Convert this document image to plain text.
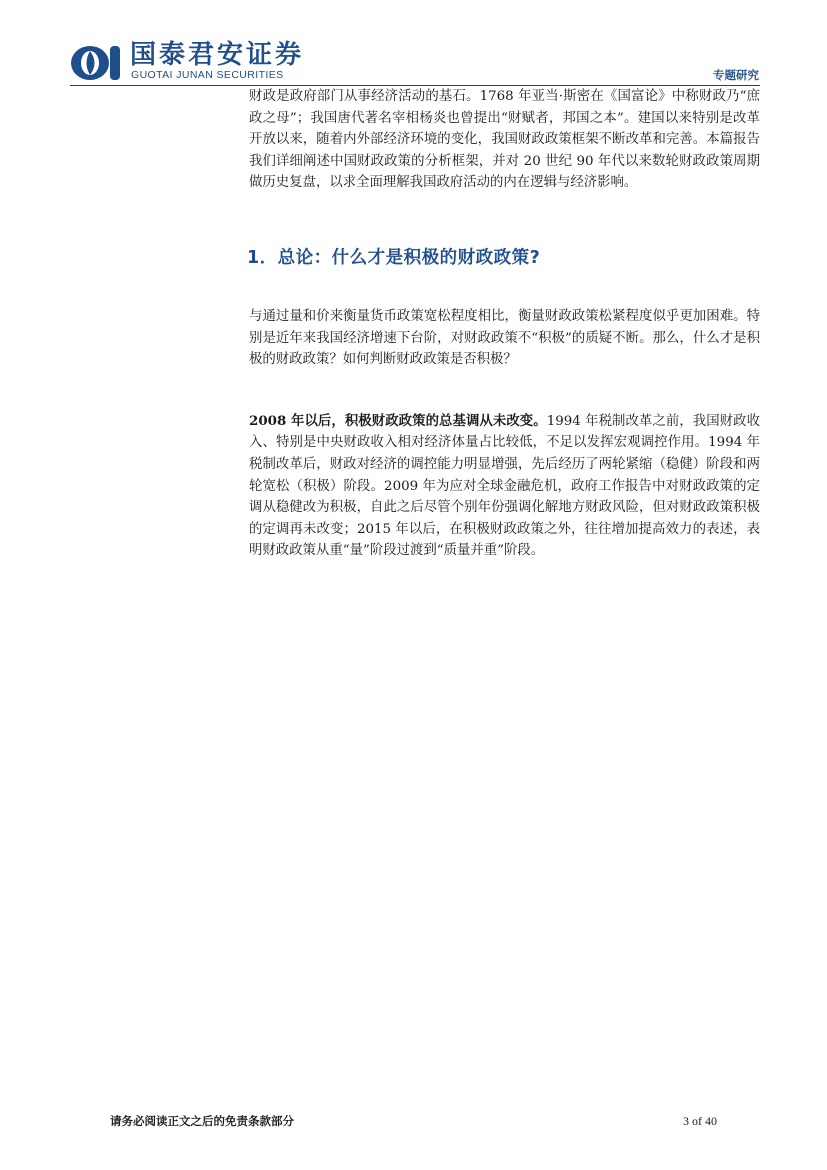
国泰君安证券
GUOTAI JUNAN SECURITIES	专题研究

财政是政府部门从事经济活动的基石。1768 年亚当·斯密在《国富论》中称财政乃“庶政之母”；我国唐代著名宰相杨炎也曾提出“财赋者，邦国之本”。建国以来特别是改革开放以来，随着内外部经济环境的变化，我国财政政策框架不断改革和完善。本篇报告我们详细阐述中国财政政策的分析框架，并对 20 世纪 90 年代以来数轮财政政策周期做历史复盘，以求全面理解我国政府活动的内在逻辑与经济影响。

1．总论：什么才是积极的财政政策?

与通过量和价来衡量货币政策宽松程度相比，衡量财政政策松紧程度似乎更加困难。特别是近年来我国经济增速下台阶，对财政政策不“积极”的质疑不断。那么，什么才是积极的财政政策？如何判断财政政策是否积极？

2008 年以后，积极财政政策的总基调从未改变。1994 年税制改革之前，我国财政收入、特别是中央财政收入相对经济体量占比较低，不足以发挥宏观调控作用。1994 年税制改革后，财政对经济的调控能力明显增强，先后经历了两轮紧缩（稳健）阶段和两轮宽松（积极）阶段。2009 年为应对全球金融危机，政府工作报告中对财政政策的定调从稳健改为积极，自此之后尽管个别年份强调化解地方财政风险，但对财政政策积极的定调再未改变；2015 年以后，在积极财政政策之外，往往增加提高效力的表述，表明财政政策从重“量”阶段过渡到“质量并重”阶段。

请务必阅读正文之后的免责条款部分	3 of 40
